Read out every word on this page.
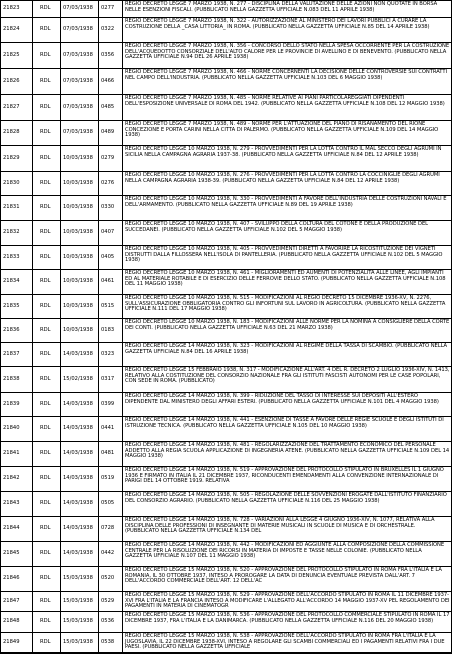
21823	RDL 07/03/1938 0277
REGIO DECRETO LEGGE 7 MARZO 1938, N. 277 - DISCIPLINA DELLA VALUTAZIONE DELLE AZIONI NON QUOTATE IN BORSA NELLE ESENZIONI FISCALI. (PUBBLICATO NELLA GAZZETTA UFFICIALE N.083 DEL 11 APRILE 1938)
21824	RDL 07/03/1938 0322
REGIO DECRETO LEGGE 7 MARZO 1938, N. 322 - AUTORIZZAZIONE AL MINISTERO DEI LAVORI PUBBLICI A CURARE LA COSTRUZIONE DELLA _CASA LITTORIA_ IN ROMA. (PUBBLICATO NELLA GAZZETTA UFFICIALE N.85 DEL 14 APRILE 1938)
21825	RDL 07/03/1938 0356
REGIO DECRETO LEGGE 7 MARZO 1938, N. 356 - CONCORSO DELLO STATO NELLA SPESA OCCORRENTE PER LA COSTRUZIONE DELL'ACQUEDOTTO CONSORZIALE DELL'ALTO CALORE PER LE PROVINCIE DI AVELLINO E DI BENEVENTO. (PUBBLICATO NELLA GAZZETTA UFFICIALE N.94 DEL 26 APRILE 1938)
21826	RDL 07/03/1938 0466
REGIO DECRETO LEGGE 7 MARZO 1938, N. 466 - NORME CONCERNENTI LA DECISIONE DELLE CONTROVERSIE SUI CONTRATTI NEL CAMPO DELL'INDUSTRIA. (PUBBLICATO NELLA GAZZETTA UFFICIALE N.103 DEL 6 MAGGIO 1938)
21827	RDL 07/03/1938 0485
REGIO DECRETO LEGGE 7 MARZO 1938, N. 485 - NORME RELATIVE AI PIANI PARTICOLAREGGIATI DIPENDENTI DELL'ESPOSIZIONE UNIVERSALE DI ROMA DEL 1942. (PUBBLICATO NELLA GAZZETTA UFFICIALE N.108 DEL 12 MAGGIO 1938)
21828	RDL 07/03/1938 0489
REGIO DECRETO LEGGE 7 MARZO 1938, N. 489 - NORME PER L'ATTUAZIONE DEL PIANO DI RISANAMENTO DEL RIONE CONCEZIONE E PORTA CARINI NELLA CITTA DI PALERMO. (PUBBLICATO NELLA GAZZETTA UFFICIALE N.109 DEL 14 MAGGIO 1938)
21829	RDL 10/03/1938 0279
REGIO DECRETO LEGGE 10 MARZO 1938, N. 279 - PROVVEDIMENTI PER LA LOTTA CONTRO IL MAL SECCO DEGLI AGRUMI IN SICILIA NELLA CAMPAGNA AGRARIA 1937-38. (PUBBLICATO NELLA GAZZETTA UFFICIALE N.84 DEL 12 APRILE 1938)
21830	RDL 10/03/1938 0276
REGIO DECRETO LEGGE 10 MARZO 1938, N. 276 - PROVVEDIMENTI PER LA LOTTA CONTRO LA COCCINIGLIE DEGLI AGRUMI NELLA CAMPAGNA AGRARIA 1938-39. (PUBBLICATO NELLA GAZZETTA UFFICIALE N.84 DEL 12 APRILE 1938)
21831	RDL 10/03/1938 0330
REGIO DECRETO LEGGE 10 MARZO 1938, N. 330 - PROVVEDIMENTI A FAVORE DELL'INDUSTRIA DELLE COSTRUZIONI NAVALI E DELL'ARMAMENTO. (PUBBLICATO NELLA GAZZETTA UFFICIALE N.89 DEL 19 APRILE 1938)
21832	RDL 10/03/1938 0407
REGIO DECRETO LEGGE 10 MARZO 1938, N. 407 - SVILUPPO DELLA COLTURA DEL COTONE E DELLA PRODUZIONE DEL SUCCEDANEI. (PUBBLICATO NELLA GAZZETTA UFFICIALE N.102 DEL 5 MAGGIO 1938)
21833	RDL 10/03/1938 0405
REGIO DECRETO LEGGE 10 MARZO 1938, N. 405 - PROVVEDIMENTI DIRETTI A FAVORIRE LA RICOSTITUZIONE DEI VIGNETI DISTRUTTI DALLA FILLOSSERA NELL'ISOLA DI PANTELLERIA. (PUBBLICATO NELLA GAZZETTA UFFICIALE N.102 DEL 5 MAGGIO 1938)
21834	RDL 10/03/1938 0461
REGIO DECRETO LEGGE 10 MARZO 1938, N. 461 - MIGLIORAMENTI ED AUMENTI DI POTENZIALITA ALLE LINEE, AGLI IMPIANTI ED AL MATERIALE ROTABILE E DI ESERCIZIO DELLE FERROVIE DELLO STATO. (PUBBLICATO NELLA GAZZETTA UFFICIALE N.108 DEL 11 MAGGIO 1938)
21835	RDL 10/03/1938 0515
REGIO DECRETO LEGGE 10 MARZO 1938, N. 515 - MODIFICAZIONI AL REGIO DECRETO 15 DICEMBRE 1936-XV, N. 2276, SULL'ASSICURAZIONE OBBLIGATORIA CONTRO GLI INFORTUNI SUL LAVORO IN AGRICOLTURA. (PUBBLICATO NELLA GAZZETTA UFFICIALE N.111 DEL 17 MAGGIO 1938)
21836	RDL 10/03/1938 0183
REGIO DECRETO LEGGE 10 MARZO 1938, N. 183 - MODIFICAZIONI ALLE NORME PER LA NOMINA A CONSIGLIERE DELLA CORTE DEI CONTI. (PUBBLICATO NELLA GAZZETTA UFFICIALE N.63 DEL 21 MARZO 1938)
21837	RDL 14/03/1938 0323
REGIO DECRETO LEGGE 14 MARZO 1938, N. 323 - MODIFICAZIONI AL REGIME DELLA TASSA DI SCAMBIO. (PUBBLICATO NELLA GAZZETTA UFFICIALE N.84 DEL 16 APRILE 1938)
21838	RDL 15/02/1938 0317
REGIO DECRETO LEGGE 15 FEBBRAIO 1938, N. 317 - MODIFICAZIONE ALL'ART. 4 DEL R. DECRETO 2 LUGLIO 1936-XIV, N. 1413, RELATIVO ALLA COSTITUZIONE DEL CONSORZIO NAZIONALE FRA GLI ISTITUTI FASCISTI AUTONOMI PER LE CASE POPOLARI, CON SEDE IN ROMA. (PUBBLICATO)
21839	RDL 14/03/1938 0399
REGIO DECRETO LEGGE 14 MARZO 1938, N. 399 - RIDUZIONE DEL TASSO DI INTERESSE SUI DEPOSITI ALL'ESTERO DIPENDENTE DAL MINISTERO DEGLI AFFARI ESTERI. (PUBBLICATO NELLA GAZZETTA UFFICIALE N.101 DEL 4 MAGGIO 1938)
21840	RDL 14/03/1938 0441
REGIO DECRETO LEGGE 14 MARZO 1938, N. 441 - ESENZIONE DI TASSE A FAVORE DELLE REGIE SCUOLE E DEGLI ISTITUTI DI ISTRUZIONE TECNICA. (PUBBLICATO NELLA GAZZETTA UFFICIALE N.105 DEL 10 MAGGIO 1938)
21841	RDL 14/03/1938 0481
REGIO DECRETO LEGGE 14 MARZO 1938, N. 481 - REGOLARIZZAZIONE DEL TRATTAMENTO ECONOMICO DEL PERSONALE ADDETTO ALLA REGIA SCUOLA APPLICAZIONE DI INGEGNERIA ATENE. (PUBBLICATO NELLA GAZZETTA UFFICIALE N.109 DEL 14 MAGGIO 1938)
21842	RDL 14/03/1938 0519
REGIO DECRETO LEGGE 14 MARZO 1938, N. 519 - APPROVAZIONE DEL PROTOCOLLO STIPULATO IN BRUXELLES IL 1 GIUGNO 1936 E FIRMATO IN ITALIA IL 21 DICEMBRE 1937, RICONDUCENTI EMENDAMENTI ALLA CONVENZIONE INTERNAZIONALE DI PARIGI DEL 14 OTTOBRE 1919. RELATIVA
21843	RDL 14/03/1938 0505
REGIO DECRETO LEGGE 14 MARZO 1938, N. 505 - REGOLAZIONE DELLE SOVVENZIONI EROGATE DALL'ISTITUTO FINANZIARIO DEL CONSORZIO AGRARIO. (PUBBLICATO NELLA GAZZETTA UFFICIALE N.116 DEL 25 MAGGIO 1938)
21844	RDL 14/03/1938 0728
REGIO DECRETO LEGGE 14 MARZO 1938, N. 728 - VARIAZIONI ALLA LEGGE 4 GIUGNO 1936-XIV, N. 1077, RELATIVA ALLA DISCIPLINA DELLE PROFESSIONI DI INSEGNANTE DI MATERIE MUSICALI IN SCUOLE DI MUSICA E DI ORCHESTRALE. (PUBBLICATO NELLA GAZZETTA UFFICIALE N.134 DEL
21845	RDL 14/03/1938 0442
REGIO DECRETO LEGGE 14 MARZO 1938, N. 442 - MODIFICAZIONI ED AGGIUNTE ALLA COMPOSIZIONE DELLA COMMISSIONE CENTRALE PER LA RISOLUZIONE DEI RICORSI IN MATERIA DI IMPOSTE E TASSE NELLE COLONIE. (PUBBLICATO NELLA GAZZETTA UFFICIALE N.107 DEL 11 MAGGIO 1938)
21846	RDL 15/03/1938 0520
REGIO DECRETO LEGGE 15 MARZO 1938, N. 520 - APPROVAZIONE DEL PROTOCOLLO STIPULATO IN ROMA FRA L'ITALIA E LA ROMANIA, IL 30 OTTOBRE 1937, INTESO A PROROGARE LA DATA DI DENUNCIA EVENTUALE PREVISTA DALL'ART. 7 DELL'ACCORDO COMMERCIALE DELL'ART. 12 DELL'AC
21847	RDL 15/03/1938 0529
REGIO DECRETO LEGGE 15 MARZO 1938, N. 529 - APPROVAZIONE DELL'ACCORDO STIPULATO IN ROMA IL 11 DICEMBRE 1937-XVI FRA L'ITALIA E LA FRANCIA INTESO A MODIFICARE L'ALLEGATO ALL'ACCORDO 14 MAGGIO 1937-XV PEL REGOLAMENTO DEI PAGAMENTI IN MATERIA DI CINEMATOGR
21848	RDL 15/03/1938 0536
REGIO DECRETO LEGGE 15 MARZO 1938, N. 536 - APPROVAZIONE DEL PROTOCOLLO COMMERCIALE STIPULATO IN ROMA IL 17 DICEMBRE 1937, FRA L'ITALIA E LA DANIMARCA. (PUBBLICATO NELLA GAZZETTA UFFICIALE N.116 DEL 20 MAGGIO 1938)
21849	RDL 15/03/1938 0538
REGIO DECRETO LEGGE 15 MARZO 1938, N. 538 - APPROVAZIONE DELL'ACCORDO STIPULATO IN ROMA FRA L'ITALIA E LA JUGOSLAVIA, IL 22 DICEMBRE 1938-XVI, INTESO A REGOLARE GLI SCAMBI COMMERCIALI ED I PAGAMENTI RELATIVI FRA I DUE PAESI. (PUBBLICATO NELLA GAZZETTA UFFICIALE
